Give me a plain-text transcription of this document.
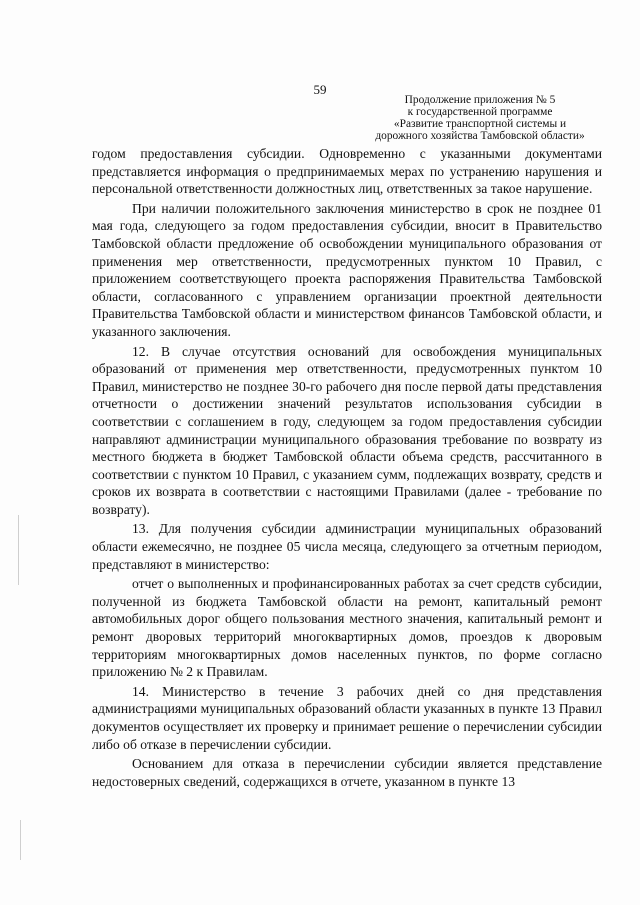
59
Продолжение приложения № 5
к государственной программе
«Развитие транспортной системы и
дорожного хозяйства Тамбовской области»

годом предоставления субсидии. Одновременно с указанными документами представляется информация о предпринимаемых мерах по устранению нарушения и персональной ответственности должностных лиц, ответственных за такое нарушение.

При наличии положительного заключения министерство в срок не позднее 01 мая года, следующего за годом предоставления субсидии, вносит в Правительство Тамбовской области предложение об освобождении муниципального образования от применения мер ответственности, предусмотренных пунктом 10 Правил, с приложением соответствующего проекта распоряжения Правительства Тамбовской области, согласованного с управлением организации проектной деятельности Правительства Тамбовской области и министерством финансов Тамбовской области, и указанного заключения.

12. В случае отсутствия оснований для освобождения муниципальных образований от применения мер ответственности, предусмотренных пунктом 10 Правил, министерство не позднее 30-го рабочего дня после первой даты представления отчетности о достижении значений результатов использования субсидии в соответствии с соглашением в году, следующем за годом предоставления субсидии направляют администрации муниципального образования требование по возврату из местного бюджета в бюджет Тамбовской области объема средств, рассчитанного в соответствии с пунктом 10 Правил, с указанием сумм, подлежащих возврату, средств и сроков их возврата в соответствии с настоящими Правилами (далее - требование по возврату).

13. Для получения субсидии администрации муниципальных образований области ежемесячно, не позднее 05 числа месяца, следующего за отчетным периодом, представляют в министерство:

отчет о выполненных и профинансированных работах за счет средств субсидии, полученной из бюджета Тамбовской области на ремонт, капитальный ремонт автомобильных дорог общего пользования местного значения, капитальный ремонт и ремонт дворовых территорий многоквартирных домов, проездов к дворовым территориям многоквартирных домов населенных пунктов, по форме согласно приложению № 2 к Правилам.

14. Министерство в течение 3 рабочих дней со дня представления администрациями муниципальных образований области указанных в пункте 13 Правил документов осуществляет их проверку и принимает решение о перечислении субсидии либо об отказе в перечислении субсидии.

Основанием для отказа в перечислении субсидии является представление недостоверных сведений, содержащихся в отчете, указанном в пункте 13
